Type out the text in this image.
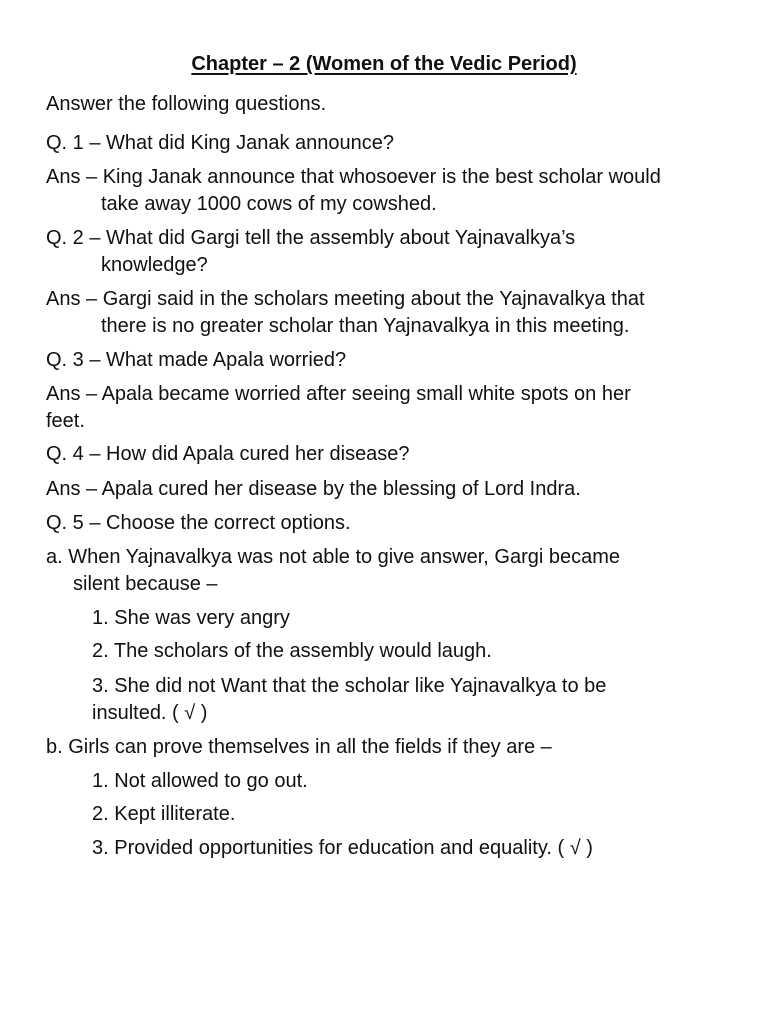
Chapter – 2 (Women of the Vedic Period)
Answer the following questions.
Q. 1 – What did King Janak announce?
Ans – King Janak announce that whosoever is the best scholar would
take away 1000 cows of my cowshed.
Q. 2 – What did Gargi tell the assembly about Yajnavalkya’s
knowledge?
Ans – Gargi said in the scholars meeting about the Yajnavalkya that
there is no greater scholar than Yajnavalkya in this meeting.
Q. 3 – What made Apala worried?
Ans – Apala became worried after seeing small white spots on her
feet.
Q. 4 – How did Apala cured her disease?
Ans – Apala cured her disease by the blessing of Lord Indra.
Q. 5 – Choose the correct options.
a. When Yajnavalkya was not able to give answer, Gargi became
silent because –
1. She was very angry
2. The scholars of the assembly would laugh.
3. She did not Want that the scholar like Yajnavalkya to be
insulted. ( √ )
b. Girls can prove themselves in all the fields if they are –
1. Not allowed to go out.
2. Kept illiterate.
3. Provided opportunities for education and equality. ( √ )
